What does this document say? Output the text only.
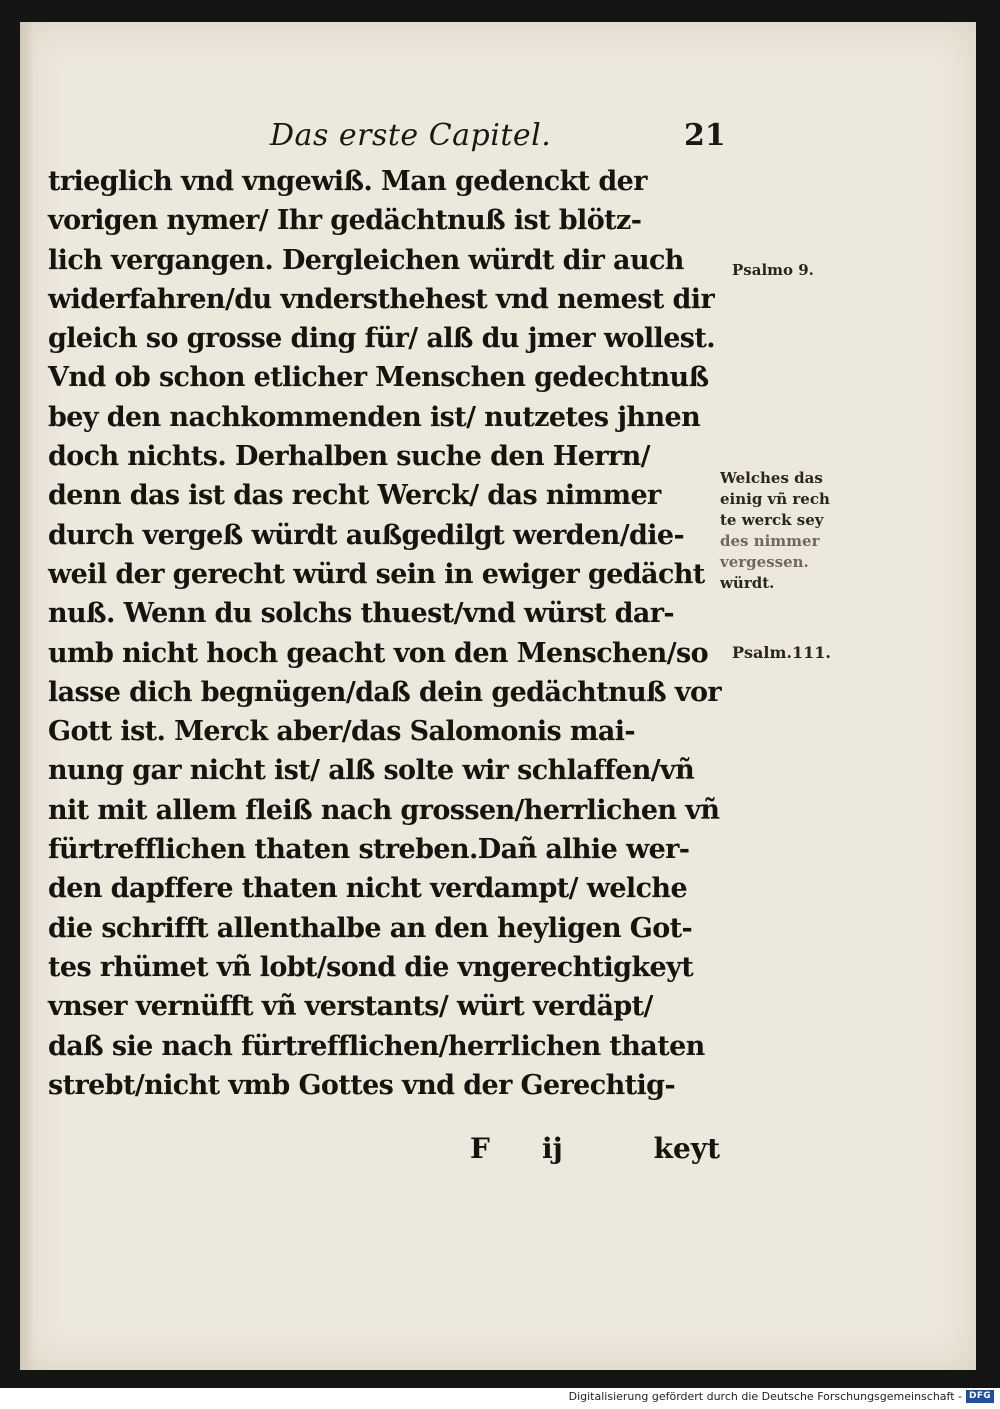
Das erste Capitel.	21
trieglich vnd vngewiß. Man gedenckt der
vorigen nymer/ Ihr gedächtnuß ist blötz-
lich vergangen. Dergleichen würdt dir auch
widerfahren/du vndersthehest vnd nemest dir
gleich so grosse ding für/ alß du jmer wollest.
Vnd ob schon etlicher Menschen gedechtnuß
bey den nachkommenden ist/ nutzetes jhnen
doch nichts. Derhalben suche den Herrn/
denn das ist das recht Werck/ das nimmer
durch vergeß würdt außgedilgt werden/die-
weil der gerecht würd sein in ewiger gedächt
nuß. Wenn du solchs thuest/vnd würst dar-
umb nicht hoch geacht von den Menschen/so
lasse dich begnügen/daß dein gedächtnuß vor
Gott ist. Merck aber/das Salomonis mai-
nung gar nicht ist/ alß solte wir schlaffen/vñ
nit mit allem fleiß nach grossen/herrlichen vñ
fürtrefflichen thaten streben.Dañ alhie wer-
den dapffere thaten nicht verdampt/ welche
die schrifft allenthalbe an den heyligen Got-
tes rhümet vñ lobt/sond die vngerechtigkeyt
vnser vernüfft vñ verstants/ würt verdäpt/
daß sie nach fürtrefflichen/herrlichen thaten
strebt/nicht vmb Gottes vnd der Gerechtig-
F ij	keyt
Psalmo 9.
Welches das
einig vñ rech
te werck sey
des nimmer
vergessen.
würdt.
Psalm.111.
Digitalisierung gefördert durch die Deutsche Forschungsgemeinschaft - DFG
